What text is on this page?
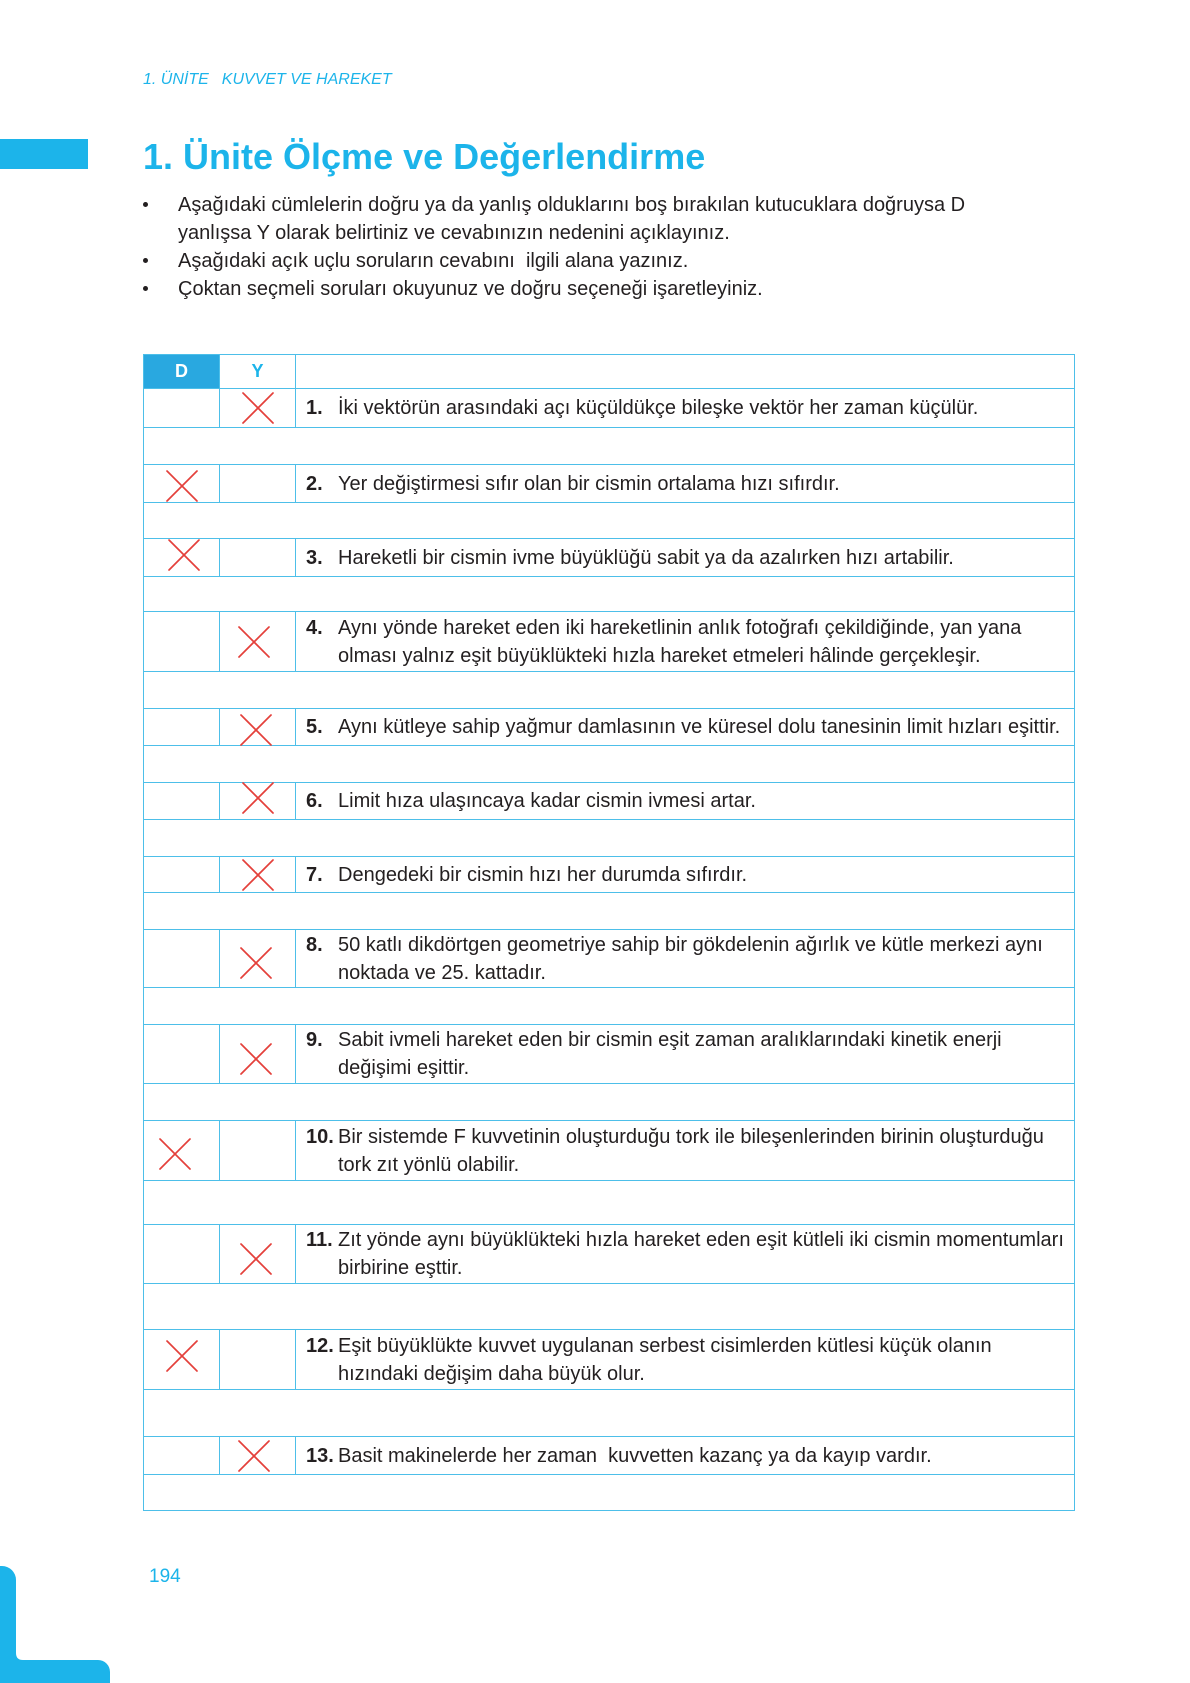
1. ÜNİTE KUVVET VE HAREKET
1. Ünite Ölçme ve Değerlendirme
Aşağıdaki cümlelerin doğru ya da yanlış olduklarını boş bırakılan kutucuklara doğruysa D
yanlışsa Y olarak belirtiniz ve cevabınızın nedenini açıklayınız.
Aşağıdaki açık uçlu soruların cevabını  ilgili alana yazınız.
Çoktan seçmeli soruları okuyunuz ve doğru seçeneği işaretleyiniz.
D	Y
1. İki vektörün arasındaki açı küçüldükçe bileşke vektör her zaman küçülür.
2. Yer değiştirmesi sıfır olan bir cismin ortalama hızı sıfırdır.
3. Hareketli bir cismin ivme büyüklüğü sabit ya da azalırken hızı artabilir.
4. Aynı yönde hareket eden iki hareketlinin anlık fotoğrafı çekildiğinde, yan yana
olması yalnız eşit büyüklükteki hızla hareket etmeleri hâlinde gerçekleşir.
5. Aynı kütleye sahip yağmur damlasının ve küresel dolu tanesinin limit hızları eşittir.
6. Limit hıza ulaşıncaya kadar cismin ivmesi artar.
7. Dengedeki bir cismin hızı her durumda sıfırdır.
8. 50 katlı dikdörtgen geometriye sahip bir gökdelenin ağırlık ve kütle merkezi aynı
noktada ve 25. kattadır.
9. Sabit ivmeli hareket eden bir cismin eşit zaman aralıklarındaki kinetik enerji
değişimi eşittir.
10. Bir sistemde F kuvvetinin oluşturduğu tork ile bileşenlerinden birinin oluşturduğu
tork zıt yönlü olabilir.
11. Zıt yönde aynı büyüklükteki hızla hareket eden eşit kütleli iki cismin momentumları
birbirine eşttir.
12. Eşit büyüklükte kuvvet uygulanan serbest cisimlerden kütlesi küçük olanın
hızındaki değişim daha büyük olur.
13. Basit makinelerde her zaman  kuvvetten kazanç ya da kayıp vardır.
194
